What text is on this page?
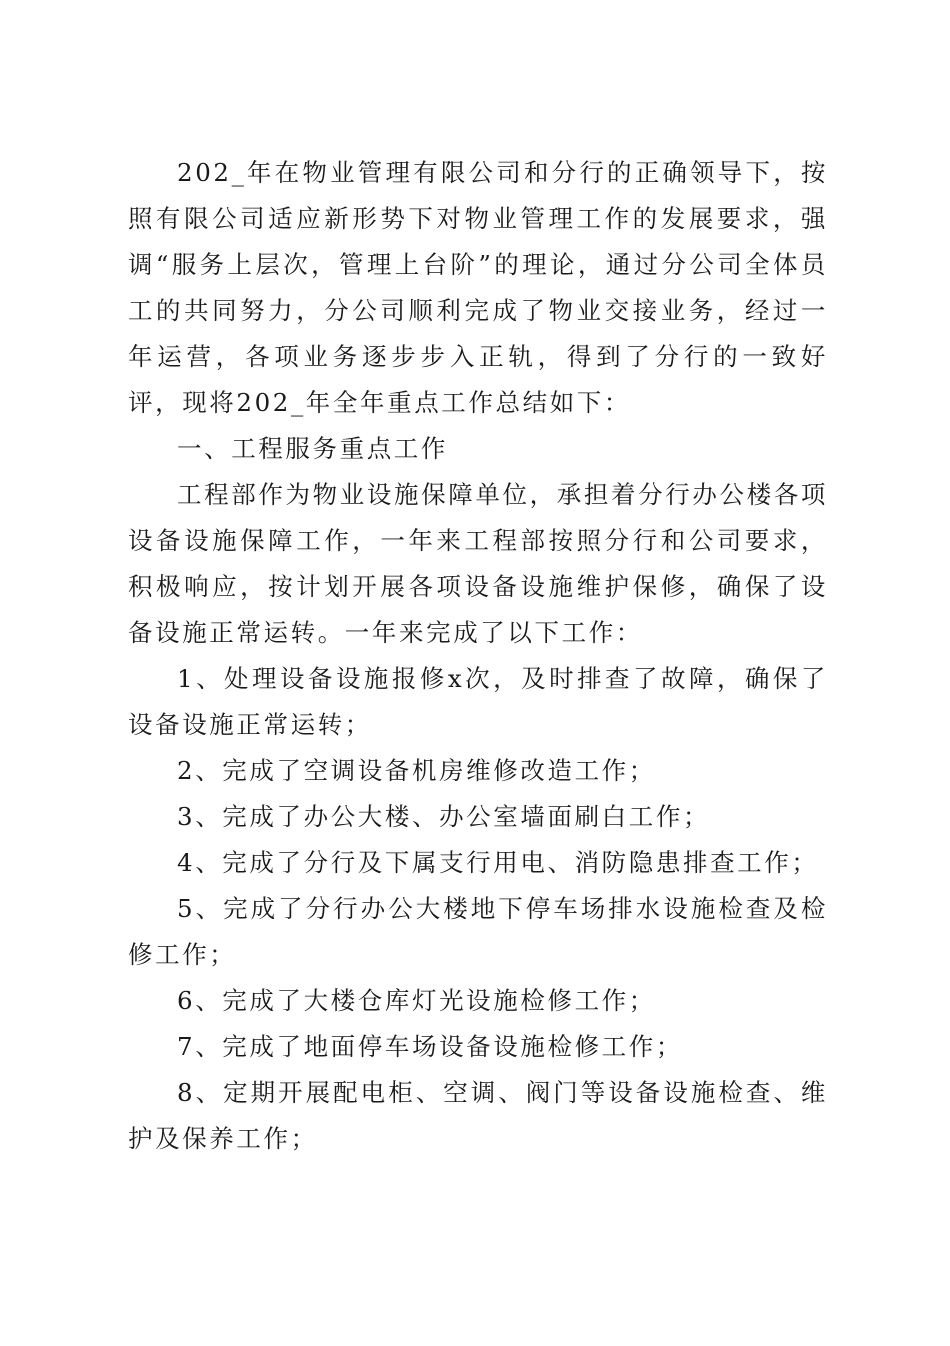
202_年在物业管理有限公司和分行的正确领导下，按照有限公司适应新形势下对物业管理工作的发展要求，强调“服务上层次，管理上台阶”的理论，通过分公司全体员工的共同努力，分公司顺利完成了物业交接业务，经过一年运营，各项业务逐步步入正轨，得到了分行的一致好评，现将202_年全年重点工作总结如下：

一、工程服务重点工作

工程部作为物业设施保障单位，承担着分行办公楼各项设备设施保障工作，一年来工程部按照分行和公司要求，积极响应，按计划开展各项设备设施维护保修，确保了设备设施正常运转。一年来完成了以下工作：

1、处理设备设施报修x次，及时排查了故障，确保了设备设施正常运转；

2、完成了空调设备机房维修改造工作；

3、完成了办公大楼、办公室墙面刷白工作；

4、完成了分行及下属支行用电、消防隐患排查工作；

5、完成了分行办公大楼地下停车场排水设施检查及检修工作；

6、完成了大楼仓库灯光设施检修工作；

7、完成了地面停车场设备设施检修工作；

8、定期开展配电柜、空调、阀门等设备设施检查、维护及保养工作；
